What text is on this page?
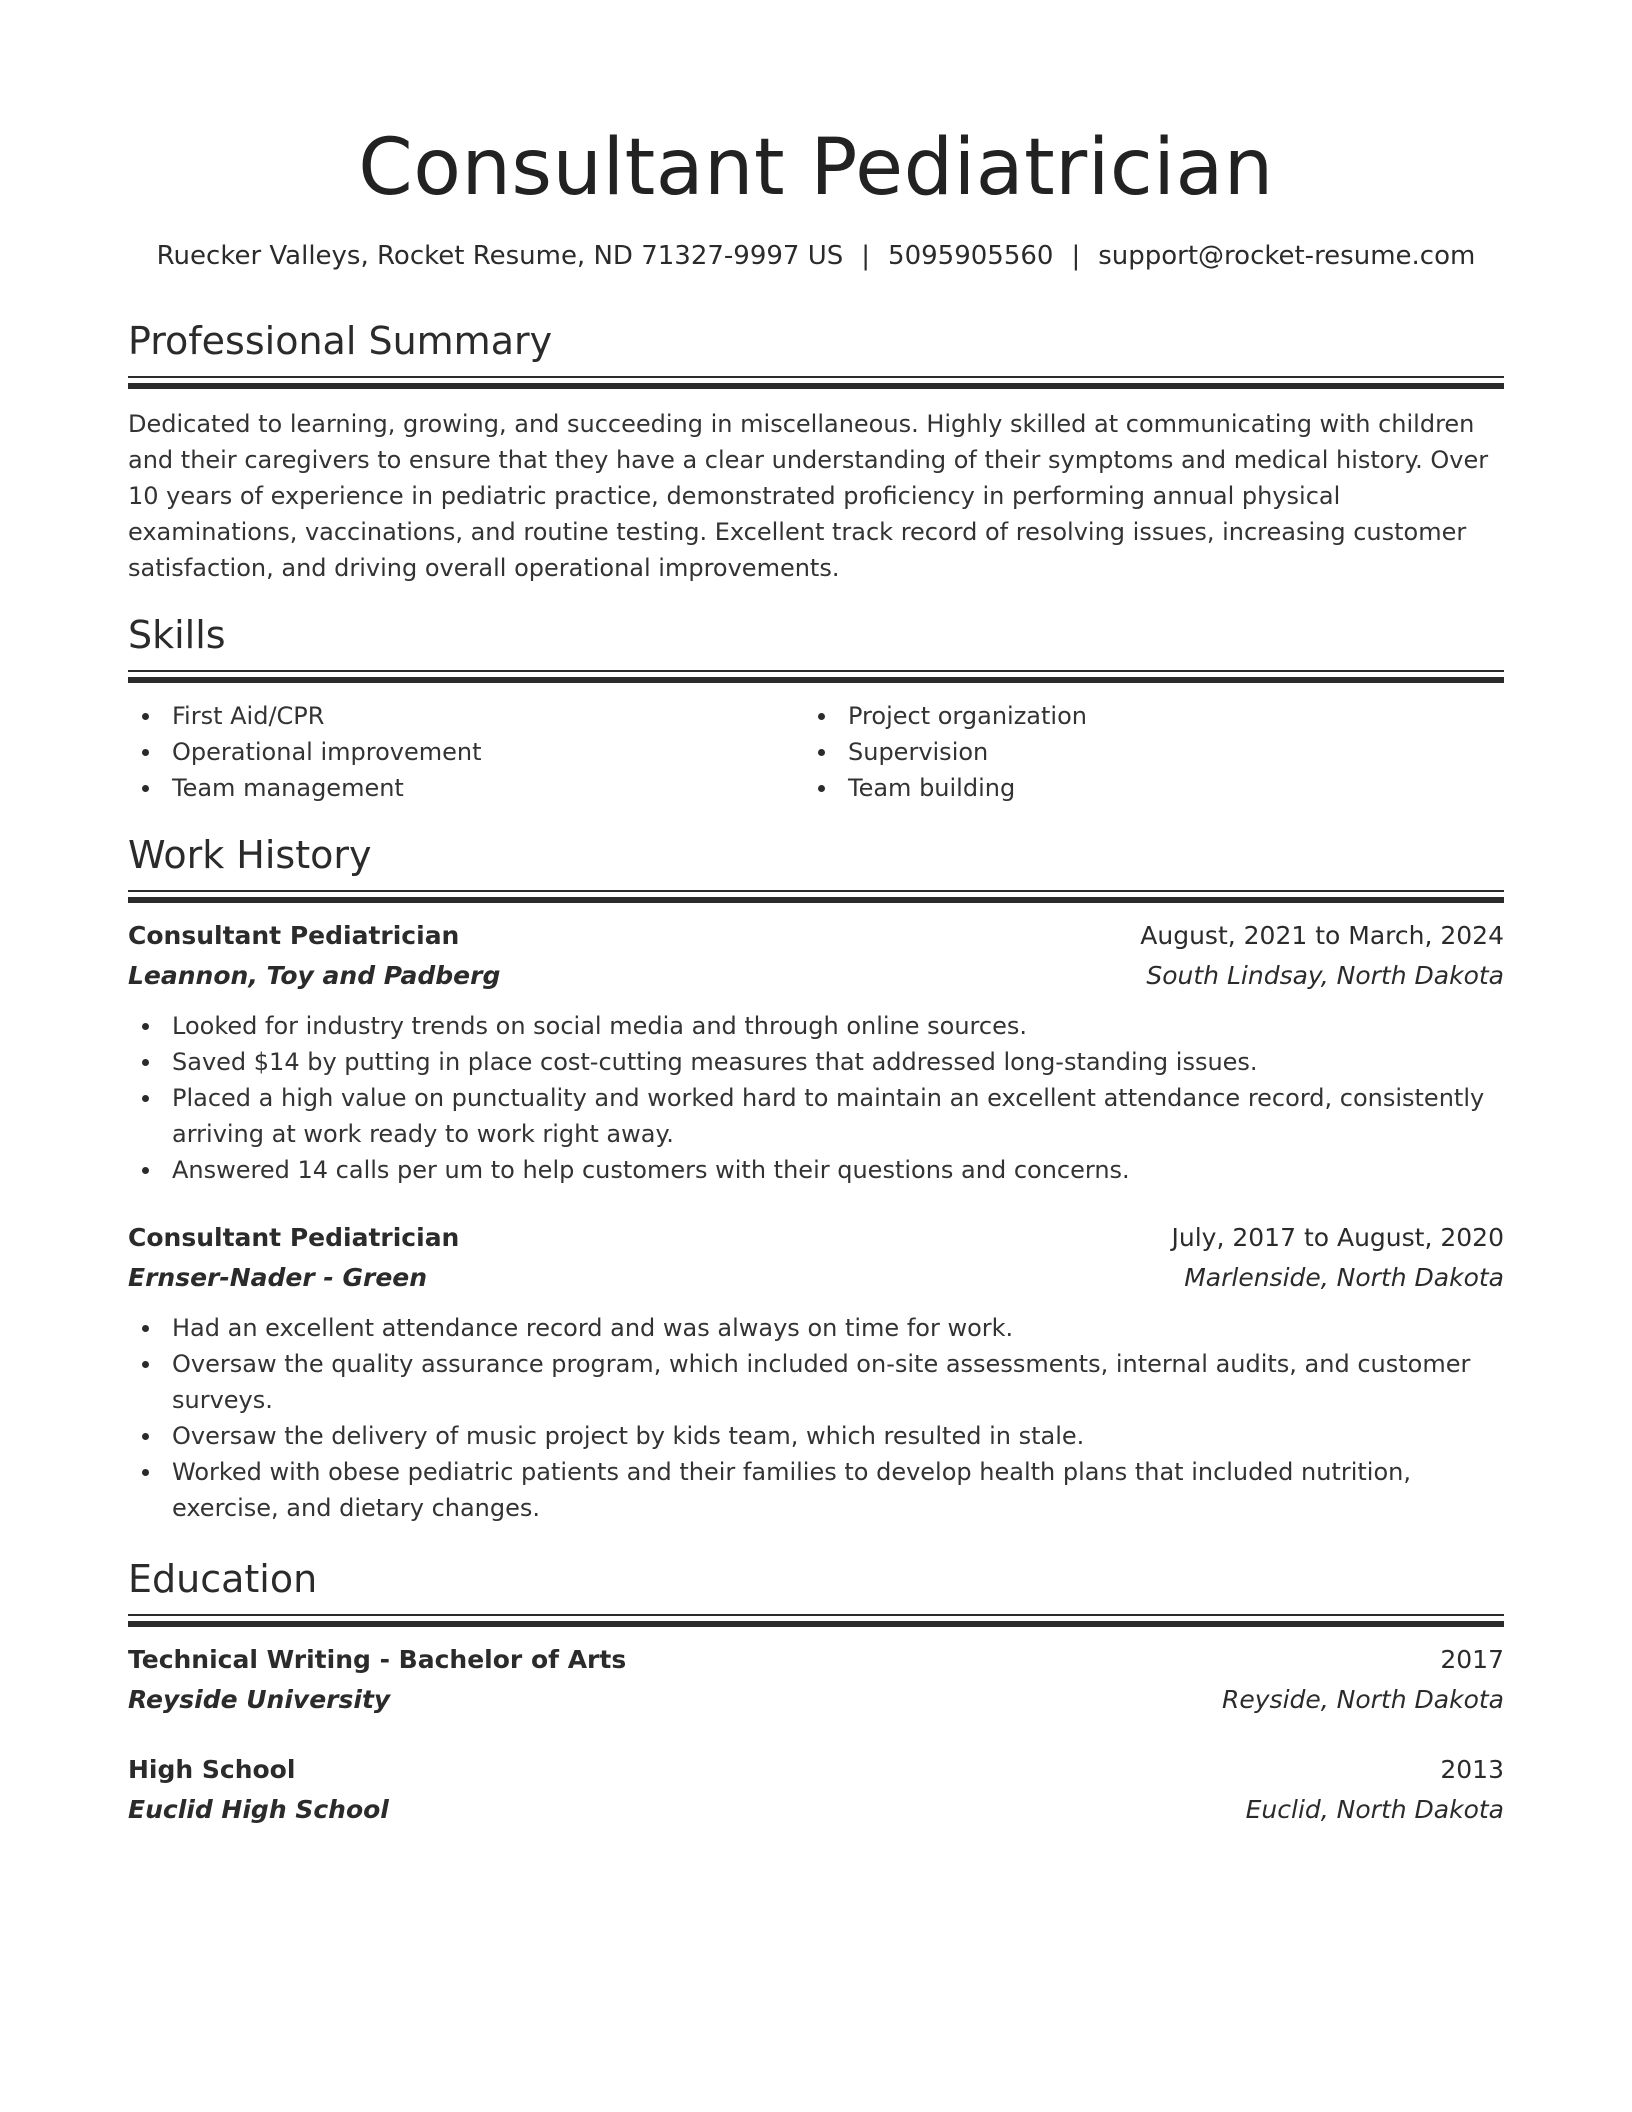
Consultant Pediatrician
Ruecker Valleys, Rocket Resume, ND 71327-9997 US | 5095905560 | support@rocket-resume.com
Professional Summary
Dedicated to learning, growing, and succeeding in miscellaneous. Highly skilled at communicating with children and their caregivers to ensure that they have a clear understanding of their symptoms and medical history. Over 10 years of experience in pediatric practice, demonstrated proficiency in performing annual physical examinations, vaccinations, and routine testing. Excellent track record of resolving issues, increasing customer satisfaction, and driving overall operational improvements.
Skills
First Aid/CPR
Operational improvement
Team management
Project organization
Supervision
Team building
Work History
Consultant Pediatrician	August, 2021 to March, 2024
Leannon, Toy and Padberg	South Lindsay, North Dakota
Looked for industry trends on social media and through online sources.
Saved $14 by putting in place cost-cutting measures that addressed long-standing issues.
Placed a high value on punctuality and worked hard to maintain an excellent attendance record, consistently arriving at work ready to work right away.
Answered 14 calls per um to help customers with their questions and concerns.
Consultant Pediatrician	July, 2017 to August, 2020
Ernser-Nader - Green	Marlenside, North Dakota
Had an excellent attendance record and was always on time for work.
Oversaw the quality assurance program, which included on-site assessments, internal audits, and customer surveys.
Oversaw the delivery of music project by kids team, which resulted in stale.
Worked with obese pediatric patients and their families to develop health plans that included nutrition, exercise, and dietary changes.
Education
Technical Writing - Bachelor of Arts	2017
Reyside University	Reyside, North Dakota
High School	2013
Euclid High School	Euclid, North Dakota
